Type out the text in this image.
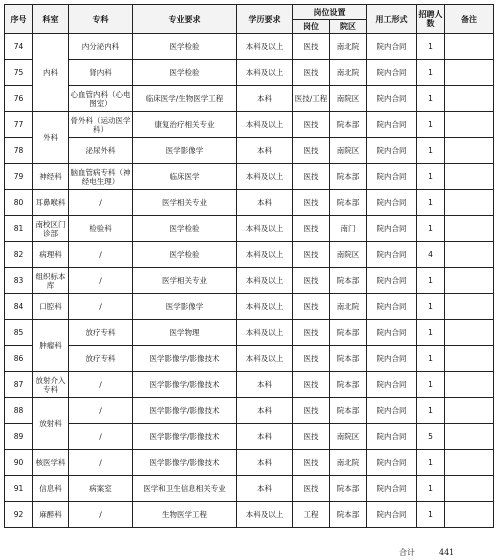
序号	科室	专科	专业要求	学历要求	岗位设置		用工形式	招聘人数	备注
					岗位	院区			
74	内科	内分泌内科	医学检验	本科及以上	医技	南北院	院内合同	1	
75		肾内科	医学检验	本科及以上	医技	南北院	院内合同	1	
76		心血管内科（心电图室）	临床医学/生物医学工程	本科	医技/工程	南院区	院内合同	1	
77	外科	骨外科（运动医学科）	康复治疗相关专业	本科及以上	医技	院本部	院内合同	1	
78		泌尿外科	医学影像学	本科	医技	南院区	院内合同	1	
79	神经科	脑血管病专科（神经电生理）	临床医学	本科及以上	医技	院本部	院内合同	1	
80	耳鼻喉科	/	医学相关专业	本科	医技	院本部	院内合同	1	
81	南校区门诊部	检验科	医学检验	本科及以上	医技	南门	院内合同	1	
82	病理科	/	医学检验	本科及以上	医技	南院区	院内合同	4	
83	组织标本库	/	医学相关专业	本科及以上	医技	院本部	院内合同	1	
84	口腔科	/	医学影像学	本科及以上	医技	南北院	院内合同	1	
85	肿瘤科	放疗专科	医学物理	本科及以上	医技	院本部	院内合同	1	
86		放疗专科	医学影像学/影像技术	本科及以上	医技	院本部	院内合同	1	
87	放射介入专科	/	医学影像学/影像技术	本科	医技	院本部	院内合同	1	
88	放射科	/	医学影像学/影像技术	本科	医技	院本部	院内合同	1	
89		/	医学影像学/影像技术	本科	医技	南院区	院内合同	5	
90	核医学科	/	医学影像学/影像技术	本科	医技	南北院	院内合同	1	
91	信息科	病案室	医学和卫生信息相关专业	本科	医技	院本部	院内合同	1	
92	麻醉科	/	生物医学工程	本科及以上	工程	院本部	院内合同	1	
合计	441
